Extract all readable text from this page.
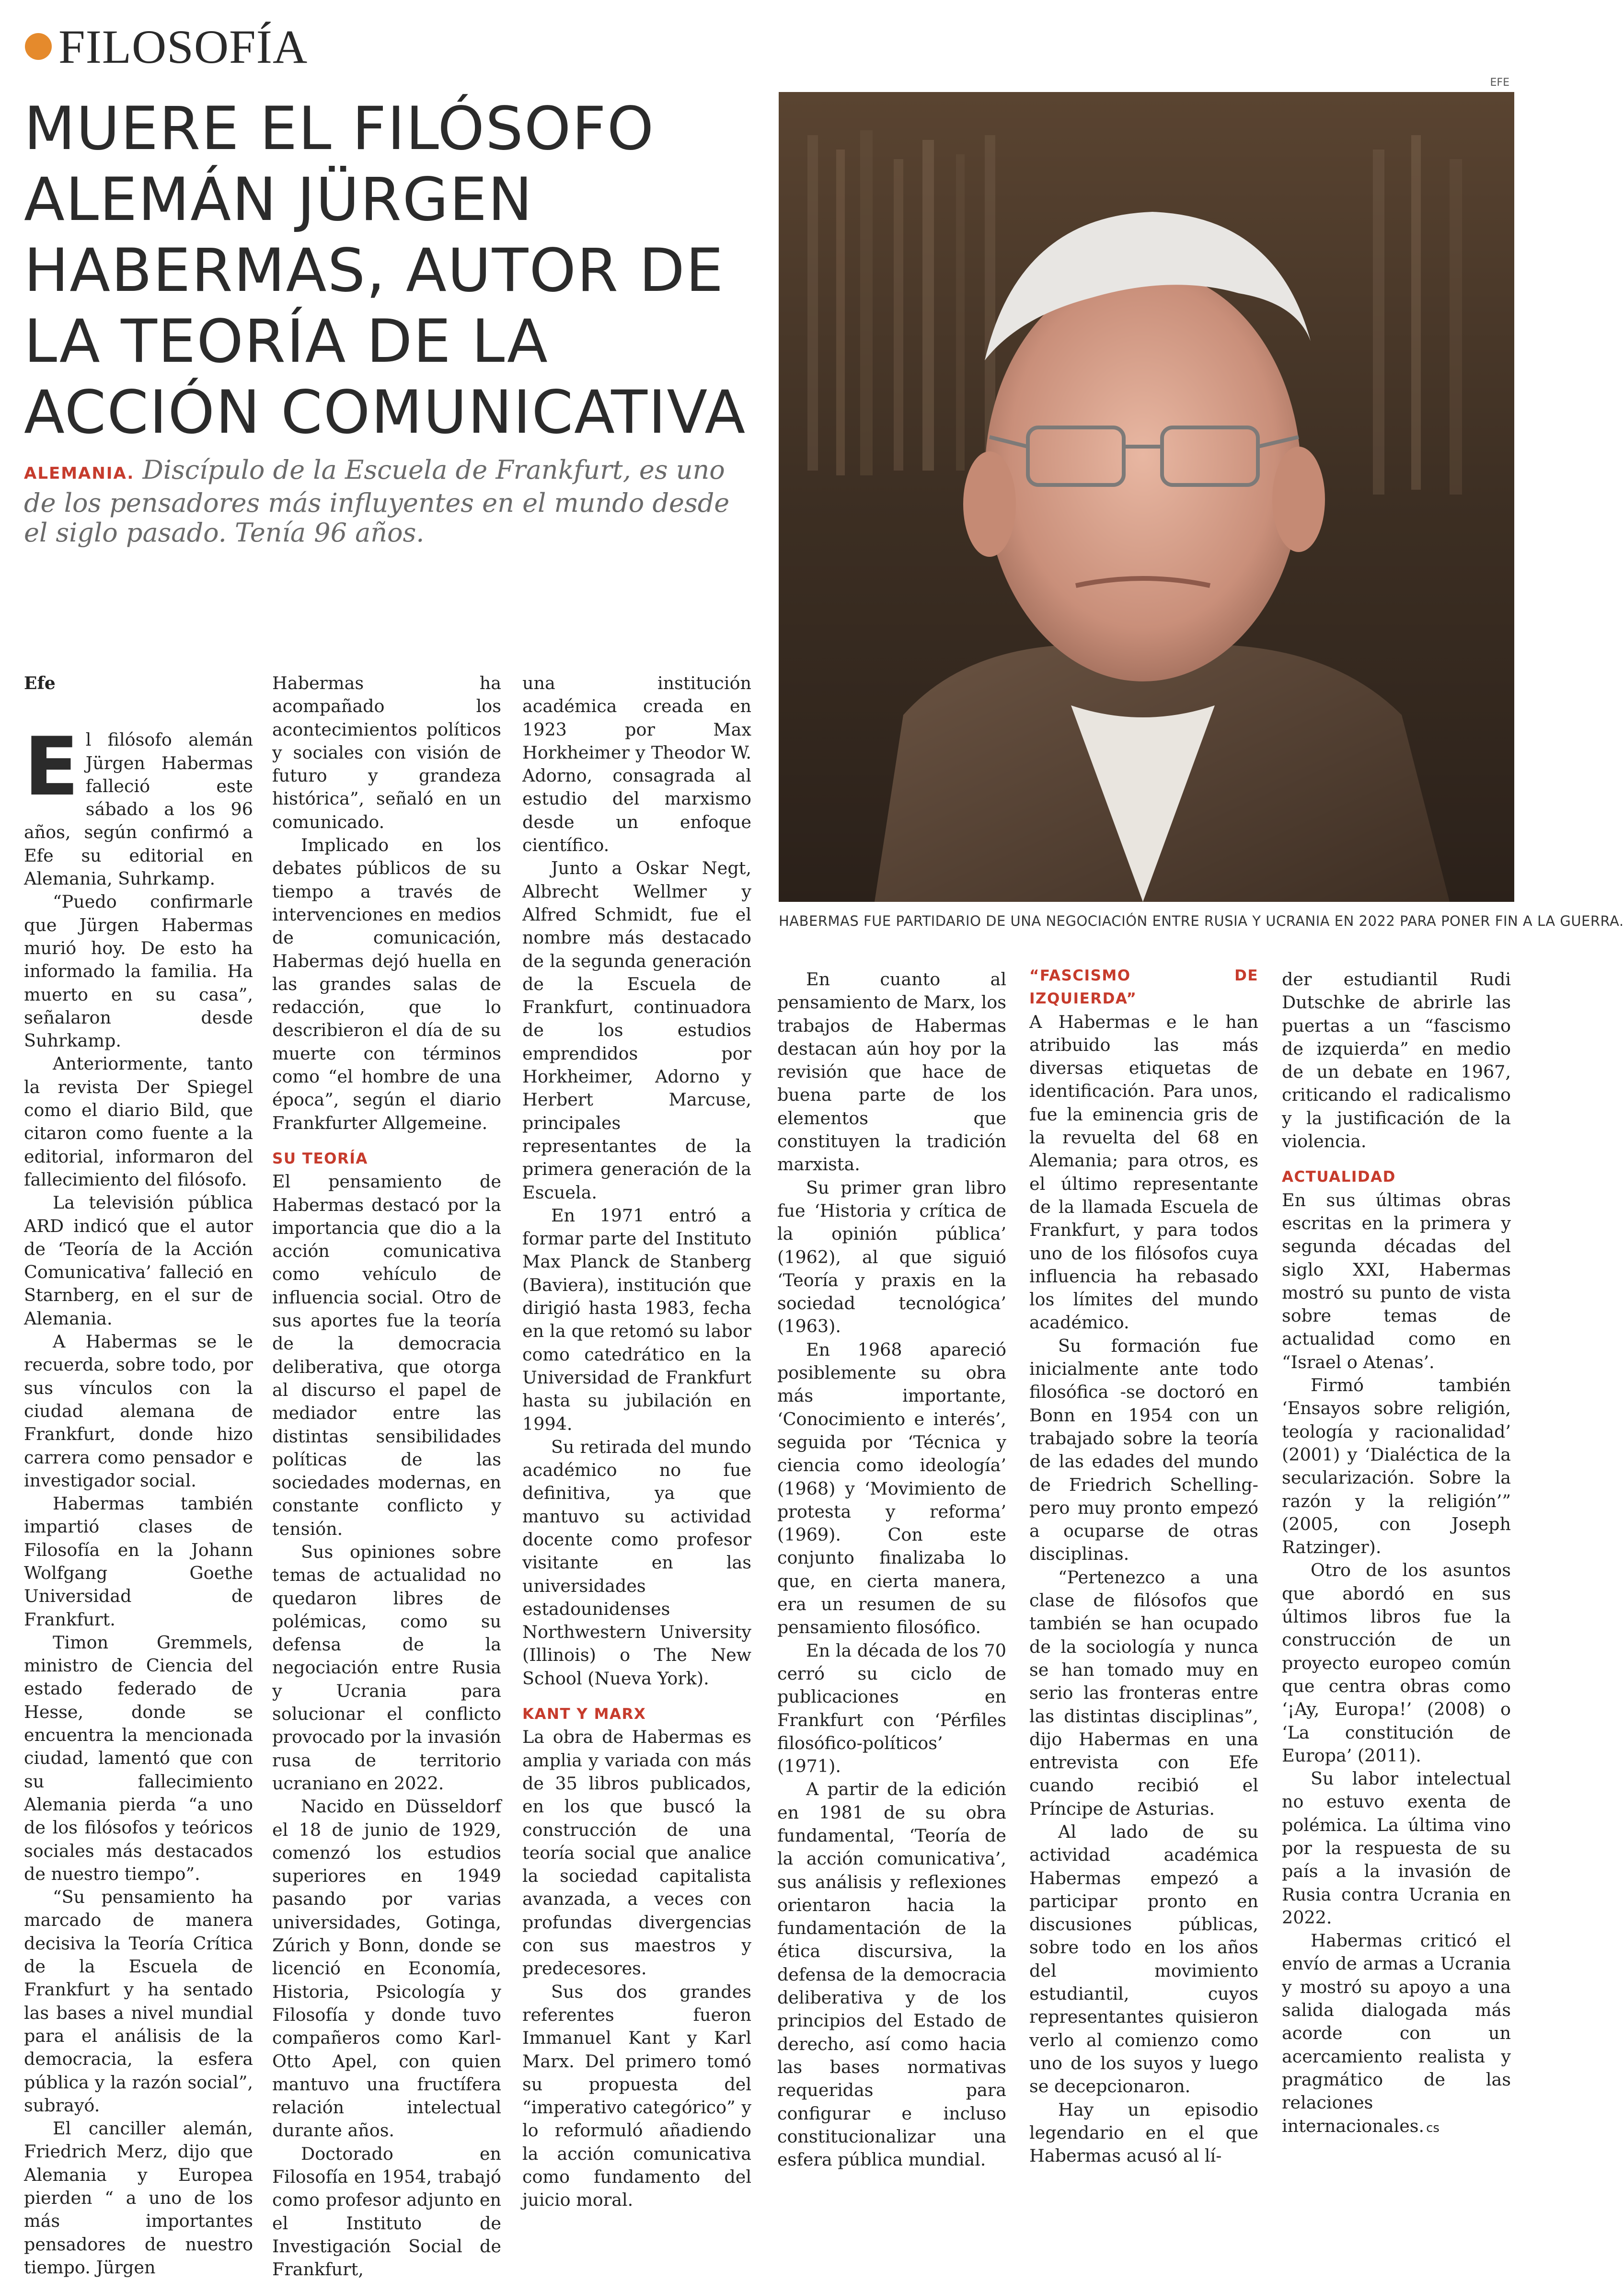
FILOSOFÍA
MUERE EL FILÓSOFO ALEMÁN JÜRGEN HABERMAS, AUTOR DE LA TEORÍA DE LA ACCIÓN COMUNICATIVA

ALEMANIA. Discípulo de la Escuela de Frankfurt, es uno de los pensadores más influyentes en el mundo desde el siglo pasado. Tenía 96 años.

EFE
HABERMAS FUE PARTIDARIO DE UNA NEGOCIACIÓN ENTRE RUSIA Y UCRANIA EN 2022 PARA PONER FIN A LA GUERRA.

Efe

El filósofo alemán Jürgen Habermas falleció este sábado a los 96 años, según confirmó a Efe su editorial en Alemania, Suhrkamp.

“Puedo confirmarle que Jürgen Habermas murió hoy. De esto ha informado la familia. Ha muerto en su casa”, señalaron desde Suhrkamp.

Anteriormente, tanto la revista Der Spiegel como el diario Bild, que citaron como fuente a la editorial, informaron del fallecimiento del filósofo.

La televisión pública ARD indicó que el autor de ‘Teoría de la Acción Comunicativa’ falleció en Starnberg, en el sur de Alemania.

A Habermas se le recuerda, sobre todo, por sus vínculos con la ciudad alemana de Frankfurt, donde hizo carrera como pensador e investigador social.

Habermas también impartió clases de Filosofía en la Johann Wolfgang Goethe Universidad de Frankfurt.

Timon Gremmels, ministro de Ciencia del estado federado de Hesse, donde se encuentra la mencionada ciudad, lamentó que con su fallecimiento Alemania pierda “a uno de los filósofos y teóricos sociales más destacados de nuestro tiempo”.

“Su pensamiento ha marcado de manera decisiva la Teoría Crítica de la Escuela de Frankfurt y ha sentado las bases a nivel mundial para el análisis de la democracia, la esfera pública y la razón social”, subrayó.

El canciller alemán, Friedrich Merz, dijo que Alemania y Europea pierden “ a uno de los más importantes pensadores de nuestro tiempo. Jürgen

Habermas ha acompañado los acontecimientos políticos y sociales con visión de futuro y grandeza histórica”, señaló en un comunicado.

Implicado en los debates públicos de su tiempo a través de intervenciones en medios de comunicación, Habermas dejó huella en las grandes salas de redacción, que lo describieron el día de su muerte con términos como “el hombre de una época”, según el diario Frankfurter Allgemeine.

SU TEORÍA

El pensamiento de Habermas destacó por la importancia que dio a la acción comunicativa como vehículo de influencia social. Otro de sus aportes fue la teoría de la democracia deliberativa, que otorga al discurso el papel de mediador entre las distintas sensibilidades políticas de las sociedades modernas, en constante conflicto y tensión.

Sus opiniones sobre temas de actualidad no quedaron libres de polémicas, como su defensa de la negociación entre Rusia y Ucrania para solucionar el conflicto provocado por la invasión rusa de territorio ucraniano en 2022.

Nacido en Düsseldorf el 18 de junio de 1929, comenzó los estudios superiores en 1949 pasando por varias universidades, Gotinga, Zúrich y Bonn, donde se licenció en Economía, Historia, Psicología y Filosofía y donde tuvo compañeros como Karl-Otto Apel, con quien mantuvo una fructífera relación intelectual durante años.

Doctorado en Filosofía en 1954, trabajó como profesor adjunto en el Instituto de Investigación Social de Frankfurt,

una institución académica creada en 1923 por Max Horkheimer y Theodor W. Adorno, consagrada al estudio del marxismo desde un enfoque científico.

Junto a Oskar Negt, Albrecht Wellmer y Alfred Schmidt, fue el nombre más destacado de la segunda generación de la Escuela de Frankfurt, continuadora de los estudios emprendidos por Horkheimer, Adorno y Herbert Marcuse, principales representantes de la primera generación de la Escuela.

En 1971 entró a formar parte del Instituto Max Planck de Stanberg (Baviera), institución que dirigió hasta 1983, fecha en la que retomó su labor como catedrático en la Universidad de Frankfurt hasta su jubilación en 1994.

Su retirada del mundo académico no fue definitiva, ya que mantuvo su actividad docente como profesor visitante en las universidades estadounidenses Northwestern University (Illinois) o The New School (Nueva York).

KANT Y MARX

La obra de Habermas es amplia y variada con más de 35 libros publicados, en los que buscó la construcción de una teoría social que analice la sociedad capitalista avanzada, a veces con profundas divergencias con sus maestros y predecesores.

Sus dos grandes referentes fueron Immanuel Kant y Karl Marx. Del primero tomó su propuesta del “imperativo categórico” y lo reformuló añadiendo la acción comunicativa como fundamento del juicio moral.

En cuanto al pensamiento de Marx, los trabajos de Habermas destacan aún hoy por la revisión que hace de buena parte de los elementos que constituyen la tradición marxista.

Su primer gran libro fue ‘Historia y crítica de la opinión pública’ (1962), al que siguió ‘Teoría y praxis en la sociedad tecnológica’ (1963).

En 1968 apareció posiblemente su obra más importante, ‘Conocimiento e interés’, seguida por ‘Técnica y ciencia como ideología’ (1968) y ‘Movimiento de protesta y reforma’ (1969). Con este conjunto finalizaba lo que, en cierta manera, era un resumen de su pensamiento filosófico.

En la década de los 70 cerró su ciclo de publicaciones en Frankfurt con ‘Pérfiles filosófico-políticos’ (1971).

A partir de la edición en 1981 de su obra fundamental, ‘Teoría de la acción comunicativa’, sus análisis y reflexiones orientaron hacia la fundamentación de la ética discursiva, la defensa de la democracia deliberativa y de los principios del Estado de derecho, así como hacia las bases normativas requeridas para configurar e incluso constitucionalizar una esfera pública mundial.

“FASCISMO DE IZQUIERDA”

A Habermas e le han atribuido las más diversas etiquetas de identificación. Para unos, fue la eminencia gris de la revuelta del 68 en Alemania; para otros, es el último representante de la llamada Escuela de Frankfurt, y para todos uno de los filósofos cuya influencia ha rebasado los límites del mundo académico.

Su formación fue inicialmente ante todo filosófica -se doctoró en Bonn en 1954 con un trabajado sobre la teoría de las edades del mundo de Friedrich Schelling- pero muy pronto empezó a ocuparse de otras disciplinas.

“Pertenezco a una clase de filósofos que también se han ocupado de la sociología y nunca se han tomado muy en serio las fronteras entre las distintas disciplinas”, dijo Habermas en una entrevista con Efe cuando recibió el Príncipe de Asturias.

Al lado de su actividad académica Habermas empezó a participar pronto en discusiones públicas, sobre todo en los años del movimiento estudiantil, cuyos representantes quisieron verlo al comienzo como uno de los suyos y luego se decepcionaron.

Hay un episodio legendario en el que Habermas acusó al lí-

der estudiantil Rudi Dutschke de abrirle las puertas a un “fascismo de izquierda” en medio de un debate en 1967, criticando el radicalismo y la justificación de la violencia.

ACTUALIDAD

En sus últimas obras escritas en la primera y segunda décadas del siglo XXI, Habermas mostró su punto de vista sobre temas de actualidad como en “Israel o Atenas’.

Firmó también ‘Ensayos sobre religión, teología y racionalidad’ (2001) y ‘Dialéctica de la secularización. Sobre la razón y la religión’” (2005, con Joseph Ratzinger).

Otro de los asuntos que abordó en sus últimos libros fue la construcción de un proyecto europeo común que centra obras como ‘¡Ay, Europa!’ (2008) o ‘La constitución de Europa’ (2011).

Su labor intelectual no estuvo exenta de polémica. La última vino por la respuesta de su país a la invasión de Rusia contra Ucrania en 2022.

Habermas criticó el envío de armas a Ucrania y mostró su apoyo a una salida dialogada más acorde con un acercamiento realista y pragmático de las relaciones internacionales. cs
